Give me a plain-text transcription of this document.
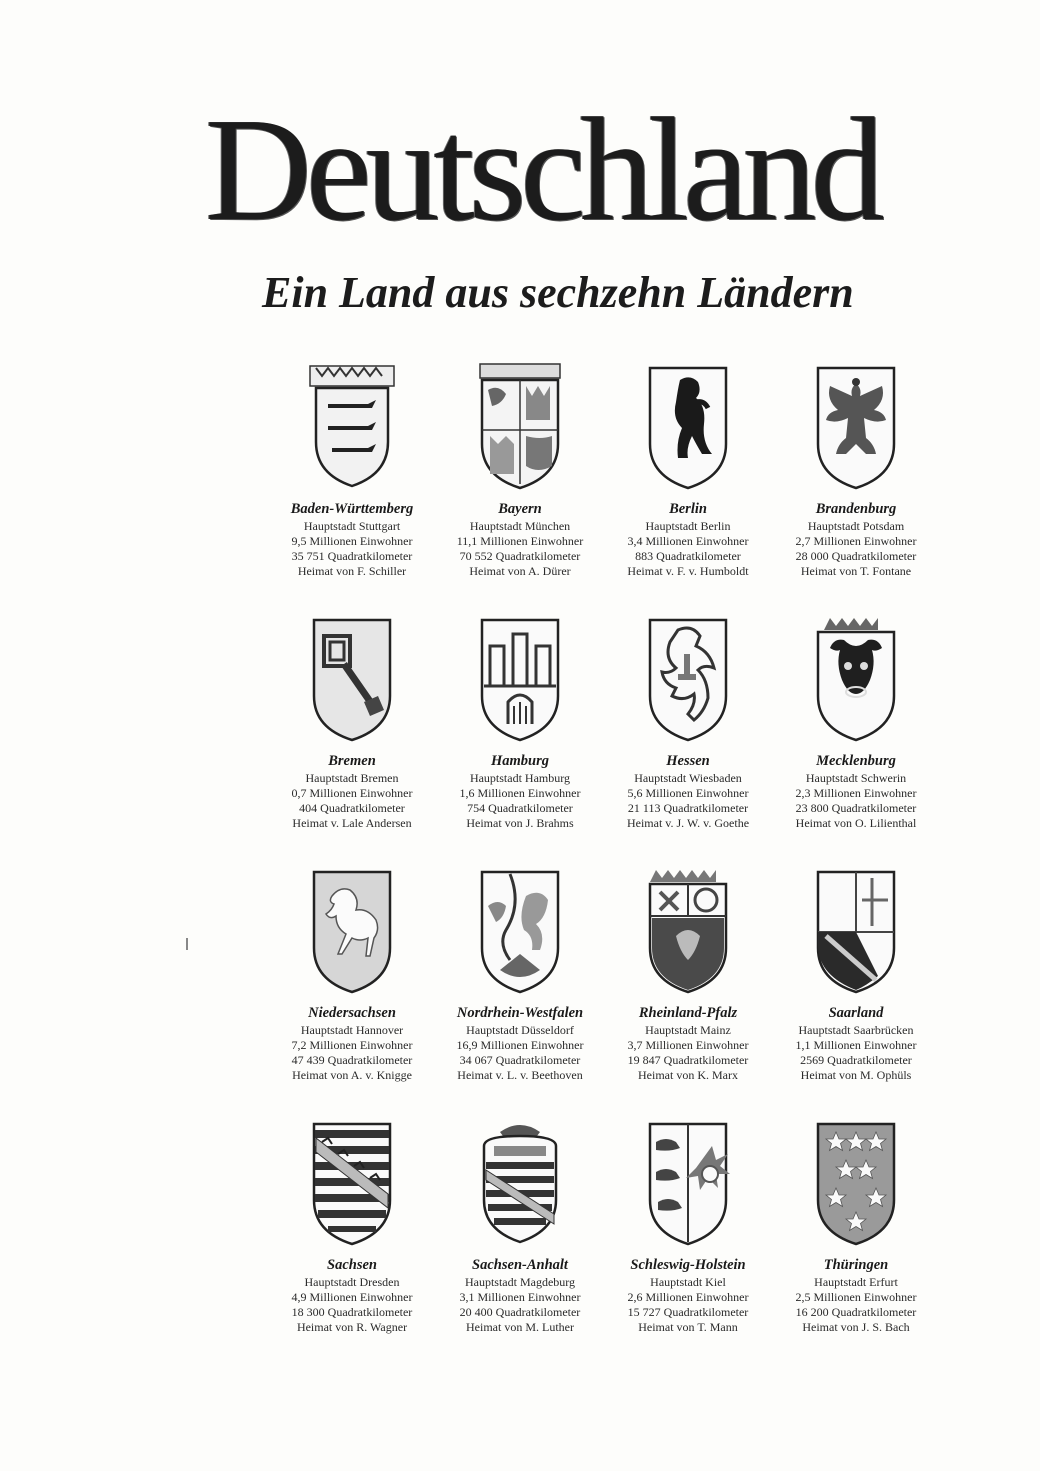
Deutschland
Ein Land aus sechzehn Ländern
Baden-Württemberg
Hauptstadt Stuttgart
9,5 Millionen Einwohner
35 751 Quadratkilometer
Heimat von F. Schiller
Bayern
Hauptstadt München
11,1 Millionen Einwohner
70 552 Quadratkilometer
Heimat von A. Dürer
Berlin
Hauptstadt Berlin
3,4 Millionen Einwohner
883 Quadratkilometer
Heimat v. F. v. Humboldt
Brandenburg
Hauptstadt Potsdam
2,7 Millionen Einwohner
28 000 Quadratkilometer
Heimat von T. Fontane
Bremen
Hauptstadt Bremen
0,7 Millionen Einwohner
404 Quadratkilometer
Heimat v. Lale Andersen
Hamburg
Hauptstadt Hamburg
1,6 Millionen Einwohner
754 Quadratkilometer
Heimat von J. Brahms
Hessen
Hauptstadt Wiesbaden
5,6 Millionen Einwohner
21 113 Quadratkilometer
Heimat v. J. W. v. Goethe
Mecklenburg
Hauptstadt Schwerin
2,3 Millionen Einwohner
23 800 Quadratkilometer
Heimat von O. Lilienthal
Niedersachsen
Hauptstadt Hannover
7,2 Millionen Einwohner
47 439 Quadratkilometer
Heimat von A. v. Knigge
Nordrhein-Westfalen
Hauptstadt Düsseldorf
16,9 Millionen Einwohner
34 067 Quadratkilometer
Heimat v. L. v. Beethoven
Rheinland-Pfalz
Hauptstadt Mainz
3,7 Millionen Einwohner
19 847 Quadratkilometer
Heimat von K. Marx
Saarland
Hauptstadt Saarbrücken
1,1 Millionen Einwohner
2569 Quadratkilometer
Heimat von M. Ophüls
Sachsen
Hauptstadt Dresden
4,9 Millionen Einwohner
18 300 Quadratkilometer
Heimat von R. Wagner
Sachsen-Anhalt
Hauptstadt Magdeburg
3,1 Millionen Einwohner
20 400 Quadratkilometer
Heimat von M. Luther
Schleswig-Holstein
Hauptstadt Kiel
2,6 Millionen Einwohner
15 727 Quadratkilometer
Heimat von T. Mann
Thüringen
Hauptstadt Erfurt
2,5 Millionen Einwohner
16 200 Quadratkilometer
Heimat von J. S. Bach
